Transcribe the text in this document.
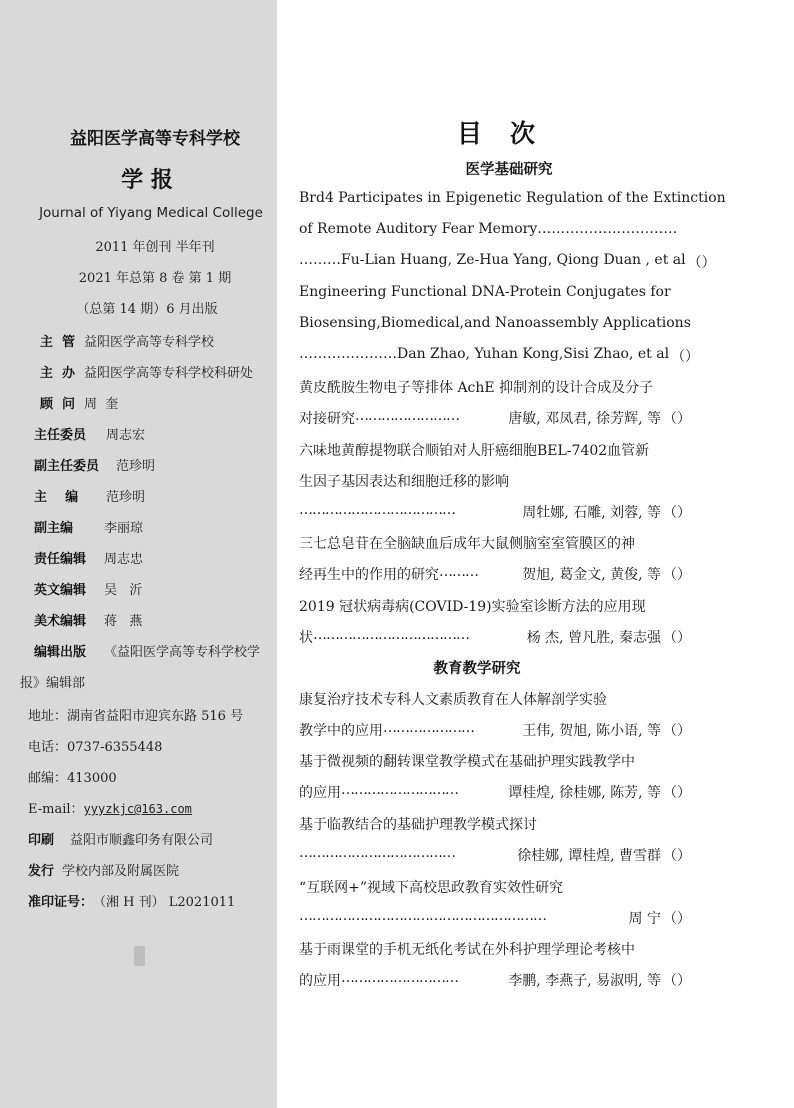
益阳医学高等专科学校
学 报
Journal of Yiyang Medical College
2011 年创刊 半年刊
2021 年总第 8 卷 第 1 期
（总第 14 期）6 月出版
主  管 益阳医学高等专科学校
主  办 益阳医学高等专科学校科研处
顾  问 周  奎
主任委员 周志宏
副主任委员 范珍明
主    编 范珍明
副主编 李丽琼
责任编辑 周志忠
英文编辑 吴   沂
美术编辑 蒋   燕
编辑出版 《益阳医学高等专科学校学
报》编辑部
地址：湖南省益阳市迎宾东路 516 号
电话：0737-6355448
邮编：413000
E-mail：yyyzkjc@163.com
印刷 益阳市顺鑫印务有限公司
发行 学校内部及附属医院
准印证号：（湘 H 刊） L2021011
目次
医学基础研究
教育教学研究
Brd4 Participates in Epigenetic Regulation of the Extinction
of Remote Auditory Fear Memory…………………………
……… Fu-Lian Huang, Ze-Hua Yang, Qiong Duan , et al （）
Engineering Functional DNA-Protein Conjugates for
Biosensing,Biomedical,and Nanoassembly Applications
………………… Dan Zhao, Yuhan Kong,Sisi Zhao, et al （）
黄皮酰胺生物电子等排体 AchE 抑制剂的设计合成及分子
对接研究 ……………………	唐敏, 邓凤君, 徐芳辉, 等 （）
六味地黄醇提物联合顺铂对人肝癌细胞BEL-7402血管新
生因子基因表达和细胞迁移的影响
………………………………	周牡娜, 石雕, 刘蓉, 等 （）
三七总皂苷在全脑缺血后成年大鼠侧脑室室管膜区的神
经再生中的作用的研究 ………	贺旭, 葛金文, 黄俊, 等 （）
2019 冠状病毒病(COVID-19)实验室诊断方法的应用现
状 ………………………………	杨 杰, 曾凡胜, 秦志强 （）
康复治疗技术专科人文素质教育在人体解剖学实验
教学中的应用 …………………	王伟, 贺旭, 陈小语, 等 （）
基于微视频的翻转课堂教学模式在基础护理实践教学中
的应用 ………………………	谭桂煌, 徐桂娜, 陈芳, 等 （）
基于临教结合的基础护理教学模式探讨
………………………………	徐桂娜, 谭桂煌, 曹雪群 （）
“互联网+”视域下高校思政教育实效性研究
…………………………………………………	周 宁 （）
基于雨课堂的手机无纸化考试在外科护理学理论考核中
的应用 ………………………	李鹏, 李燕子, 易淑明, 等 （）
